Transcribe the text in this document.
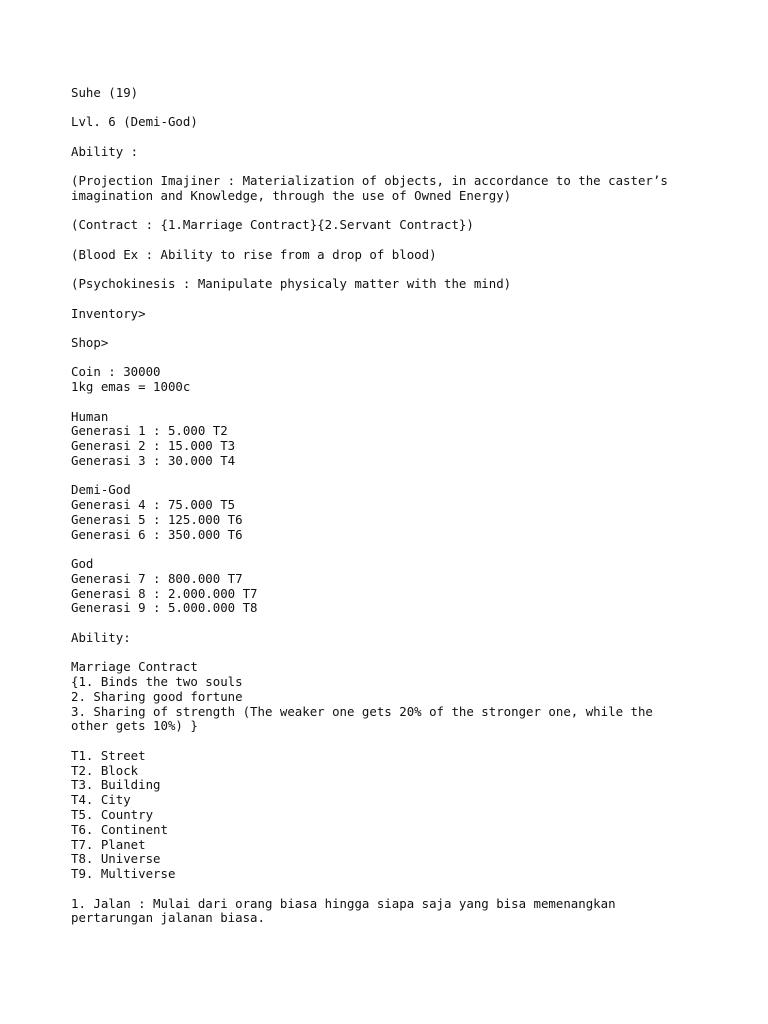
Suhe (19)
Lvl. 6 (Demi-God)
Ability :
(Projection Imajiner : Materialization of objects, in accordance to the caster’s
imagination and Knowledge, through the use of Owned Energy)
(Contract : {1.Marriage Contract}{2.Servant Contract})
(Blood Ex : Ability to rise from a drop of blood)
(Psychokinesis : Manipulate physicaly matter with the mind)
Inventory>
Shop>
Coin : 30000
1kg emas = 1000c
Human
Generasi 1 : 5.000 T2
Generasi 2 : 15.000 T3
Generasi 3 : 30.000 T4
Demi-God
Generasi 4 : 75.000 T5
Generasi 5 : 125.000 T6
Generasi 6 : 350.000 T6
God
Generasi 7 : 800.000 T7
Generasi 8 : 2.000.000 T7
Generasi 9 : 5.000.000 T8
Ability:
Marriage Contract
{1. Binds the two souls
2. Sharing good fortune
3. Sharing of strength (The weaker one gets 20% of the stronger one, while the
other gets 10%) }
T1. Street
T2. Block
T3. Building
T4. City
T5. Country
T6. Continent
T7. Planet
T8. Universe
T9. Multiverse
1. Jalan : Mulai dari orang biasa hingga siapa saja yang bisa memenangkan
pertarungan jalanan biasa.
